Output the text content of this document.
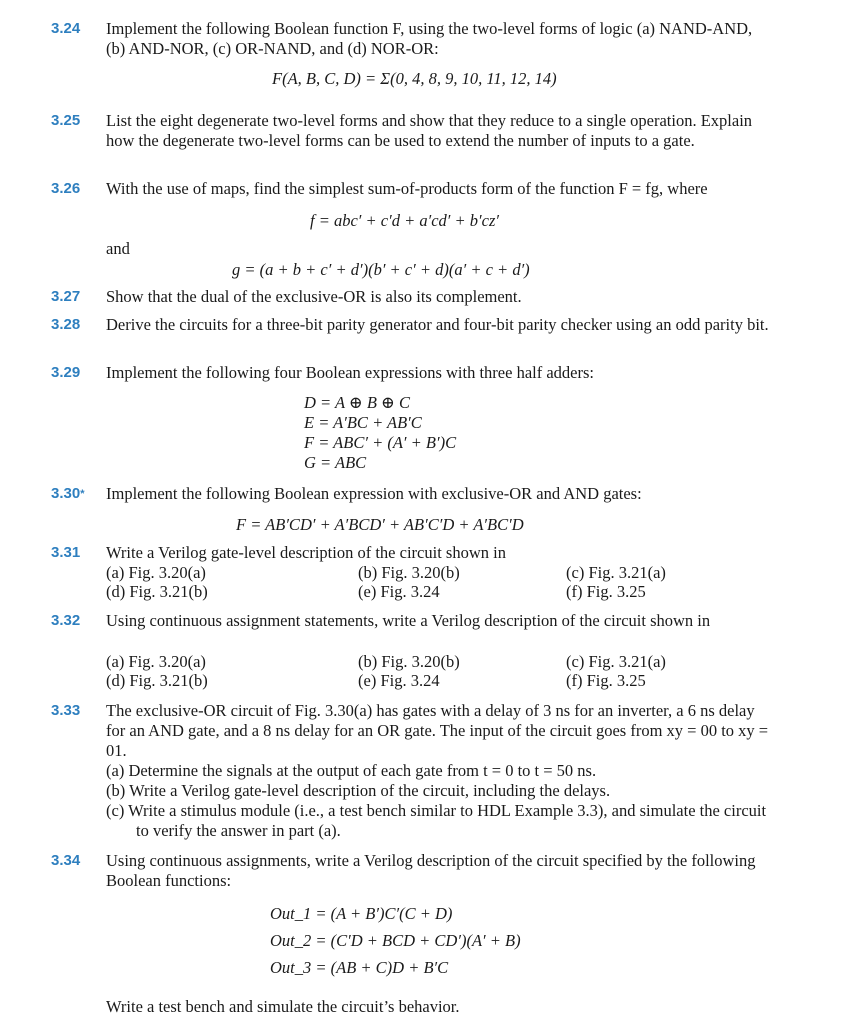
3.24 Implement the following Boolean function F, using the two-level forms of logic (a) NAND-AND, (b) AND-NOR, (c) OR-NAND, and (d) NOR-OR:
F(A, B, C, D) = Σ(0, 4, 8, 9, 10, 11, 12, 14)
3.25 List the eight degenerate two-level forms and show that they reduce to a single operation. Explain how the degenerate two-level forms can be used to extend the number of inputs to a gate.
3.26 With the use of maps, find the simplest sum-of-products form of the function F = fg, where
f = abc′ + c′d + a′cd′ + b′cz′
and
g = (a + b + c′ + d′)(b′ + c′ + d)(a′ + c + d′)
3.27 Show that the dual of the exclusive-OR is also its complement.
3.28 Derive the circuits for a three-bit parity generator and four-bit parity checker using an odd parity bit.
3.29 Implement the following four Boolean expressions with three half adders:
D = A ⊕ B ⊕ C
E = A′BC + AB′C
F = ABC′ + (A′ + B′)C
G = ABC
3.30* Implement the following Boolean expression with exclusive-OR and AND gates:
F = AB′CD′ + A′BCD′ + AB′C′D + A′BC′D
3.31 Write a Verilog gate-level description of the circuit shown in
(a) Fig. 3.20(a)	(b) Fig. 3.20(b)	(c) Fig. 3.21(a)
(d) Fig. 3.21(b)	(e) Fig. 3.24	(f) Fig. 3.25
3.32 Using continuous assignment statements, write a Verilog description of the circuit shown in
(a) Fig. 3.20(a)	(b) Fig. 3.20(b)	(c) Fig. 3.21(a)
(d) Fig. 3.21(b)	(e) Fig. 3.24	(f) Fig. 3.25
3.33 The exclusive-OR circuit of Fig. 3.30(a) has gates with a delay of 3 ns for an inverter, a 6 ns delay for an AND gate, and a 8 ns delay for an OR gate. The input of the circuit goes from xy = 00 to xy = 01.
(a) Determine the signals at the output of each gate from t = 0 to t = 50 ns.
(b) Write a Verilog gate-level description of the circuit, including the delays.
(c) Write a stimulus module (i.e., a test bench similar to HDL Example 3.3), and simulate the circuit to verify the answer in part (a).
3.34 Using continuous assignments, write a Verilog description of the circuit specified by the following Boolean functions:
Out_1 = (A + B′)C′(C + D)
Out_2 = (C′D + BCD + CD′)(A′ + B)
Out_3 = (AB + C)D + B′C
Write a test bench and simulate the circuit’s behavior.
